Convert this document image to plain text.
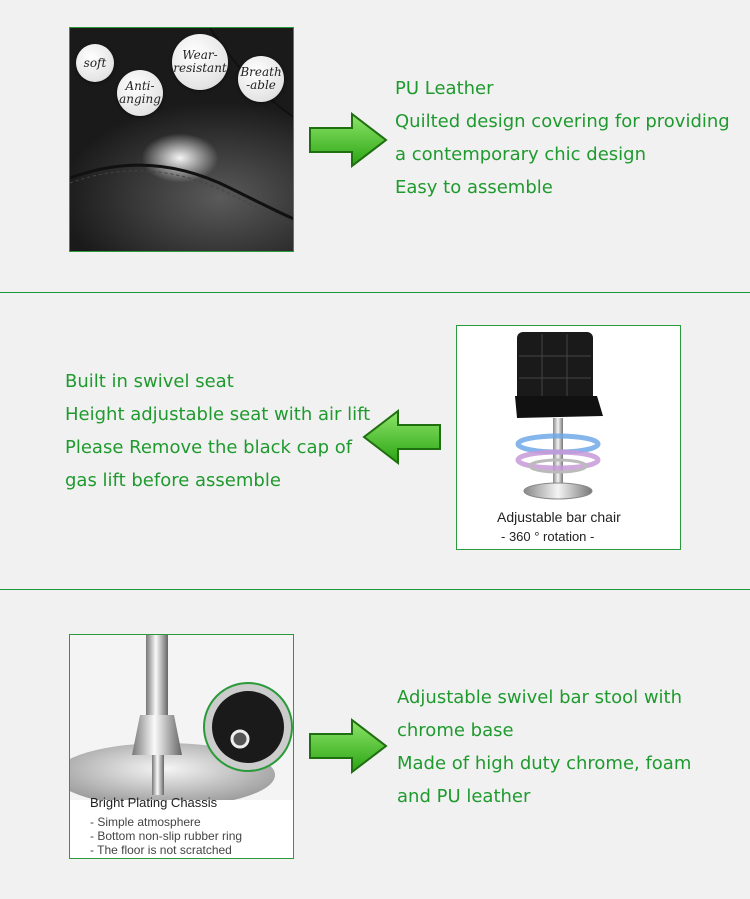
soft
Anti-
anging
Wear-
resistant Breath
-able	PU Leather
Quilted design covering for providing
a contemporary chic design
Easy to assemble
Built in swivel seat
Height adjustable seat with air lift
Please Remove the black cap of
gas lift before assemble
Adjustable bar chair
- 360 ° rotation -
Bright Plating Chassis
- Simple atmosphere
- Bottom non-slip rubber ring
- The floor is not scratched
Adjustable swivel bar stool with
chrome base
Made of high duty chrome, foam
and PU leather
